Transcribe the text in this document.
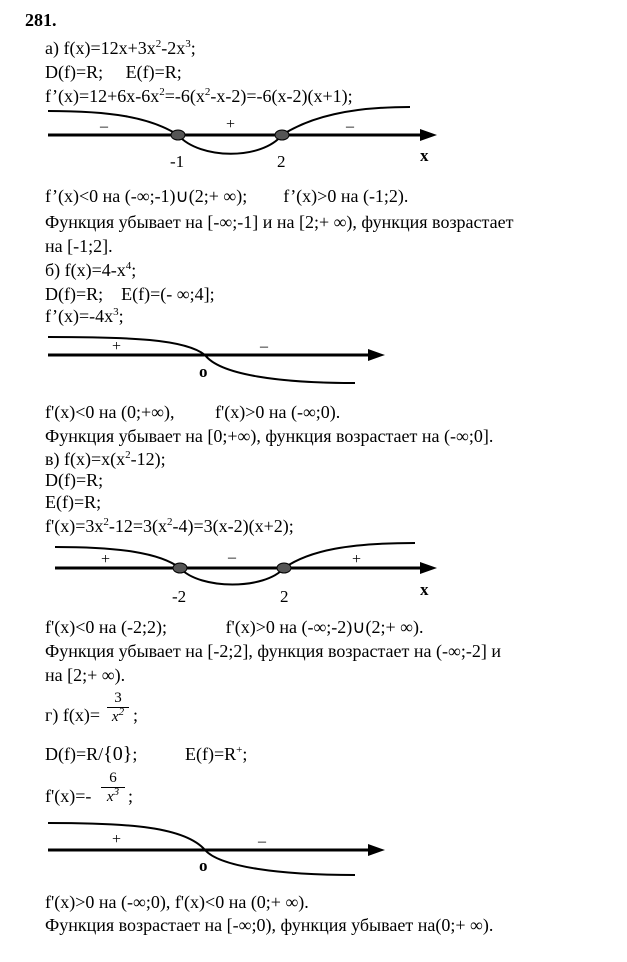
281.
а) $f(x)=12x+3x^2-2x^3$;
D(f)=R; E(f)=R;
$f’(x)=12+6x-6x^2=-6(x^2-x-2)=-6(x-2)(x+1)$;
–	+	–
-1	2	x
f’(x)<0 на (-∞;-1)∪(2;+ ∞); f’(x)>0 на (-1;2).
Функция убывает на [-∞;-1] и на [2;+ ∞), функция возрастает
на [-1;2].
б) $f(x)=4-x^4$;
D(f)=R; E(f)=(- ∞;4];
$f’(x)=-4x^3$;
+	–
o
f'(x)<0 на (0;+∞), f'(x)>0 на (-∞;0).
Функция убывает на [0;+∞), функция возрастает на (-∞;0].
в) $f(x)=x(x^2-12)$;
D(f)=R;
E(f)=R;
$f'(x)=3x^2-12=3(x^2-4)=3(x-2)(x+2)$;
+	–	+
-2	2	x
f'(x)<0 на (-2;2);	f'(x)>0 на (-∞;-2)∪(2;+ ∞).
Функция убывает на [-2;2], функция возрастает на (-∞;-2] и
на [2;+ ∞).
г) f(x)=
3
$x^2$ ;
D(f)=R/{0};	E(f)=R+;
f'(x)=-
6
$x^3$ ;
+	–
o
f'(x)>0 на (-∞;0), f'(x)<0 на (0;+ ∞).
Функция возрастает на [-∞;0), функция убывает на(0;+ ∞).
